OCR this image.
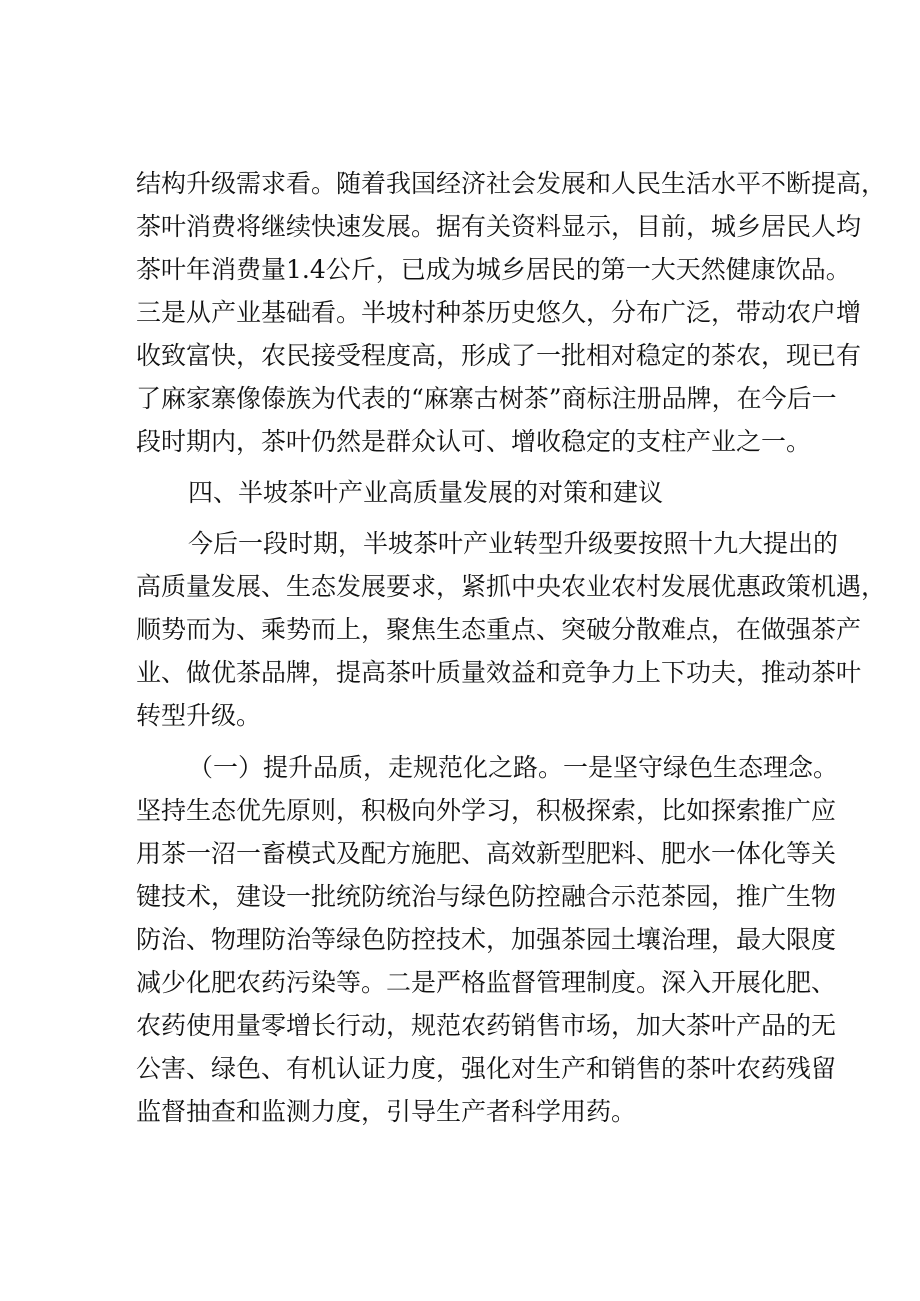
结构升级需求看。随着我国经济社会发展和人民生活水平不断提高，
茶叶消费将继续快速发展。据有关资料显示，目前，城乡居民人均
茶叶年消费量1.4公斤，已成为城乡居民的第一大天然健康饮品。
三是从产业基础看。半坡村种茶历史悠久，分布广泛，带动农户增
收致富快，农民接受程度高，形成了一批相对稳定的茶农，现已有
了麻家寨像傣族为代表的“麻寨古树茶”商标注册品牌，在今后一
段时期内，茶叶仍然是群众认可、增收稳定的支柱产业之一。
四、半坡茶叶产业高质量发展的对策和建议
今后一段时期，半坡茶叶产业转型升级要按照十九大提出的
高质量发展、生态发展要求，紧抓中央农业农村发展优惠政策机遇，
顺势而为、乘势而上，聚焦生态重点、突破分散难点，在做强茶产
业、做优茶品牌，提高茶叶质量效益和竞争力上下功夫，推动茶叶
转型升级。
（一）提升品质，走规范化之路。一是坚守绿色生态理念。
坚持生态优先原则，积极向外学习，积极探索，比如探索推广应
用茶一沼一畜模式及配方施肥、高效新型肥料、肥水一体化等关
键技术，建设一批统防统治与绿色防控融合示范茶园，推广生物
防治、物理防治等绿色防控技术，加强茶园土壤治理，最大限度
减少化肥农药污染等。二是严格监督管理制度。深入开展化肥、
农药使用量零增长行动，规范农药销售市场，加大茶叶产品的无
公害、绿色、有机认证力度，强化对生产和销售的茶叶农药残留
监督抽查和监测力度，引导生产者科学用药。
